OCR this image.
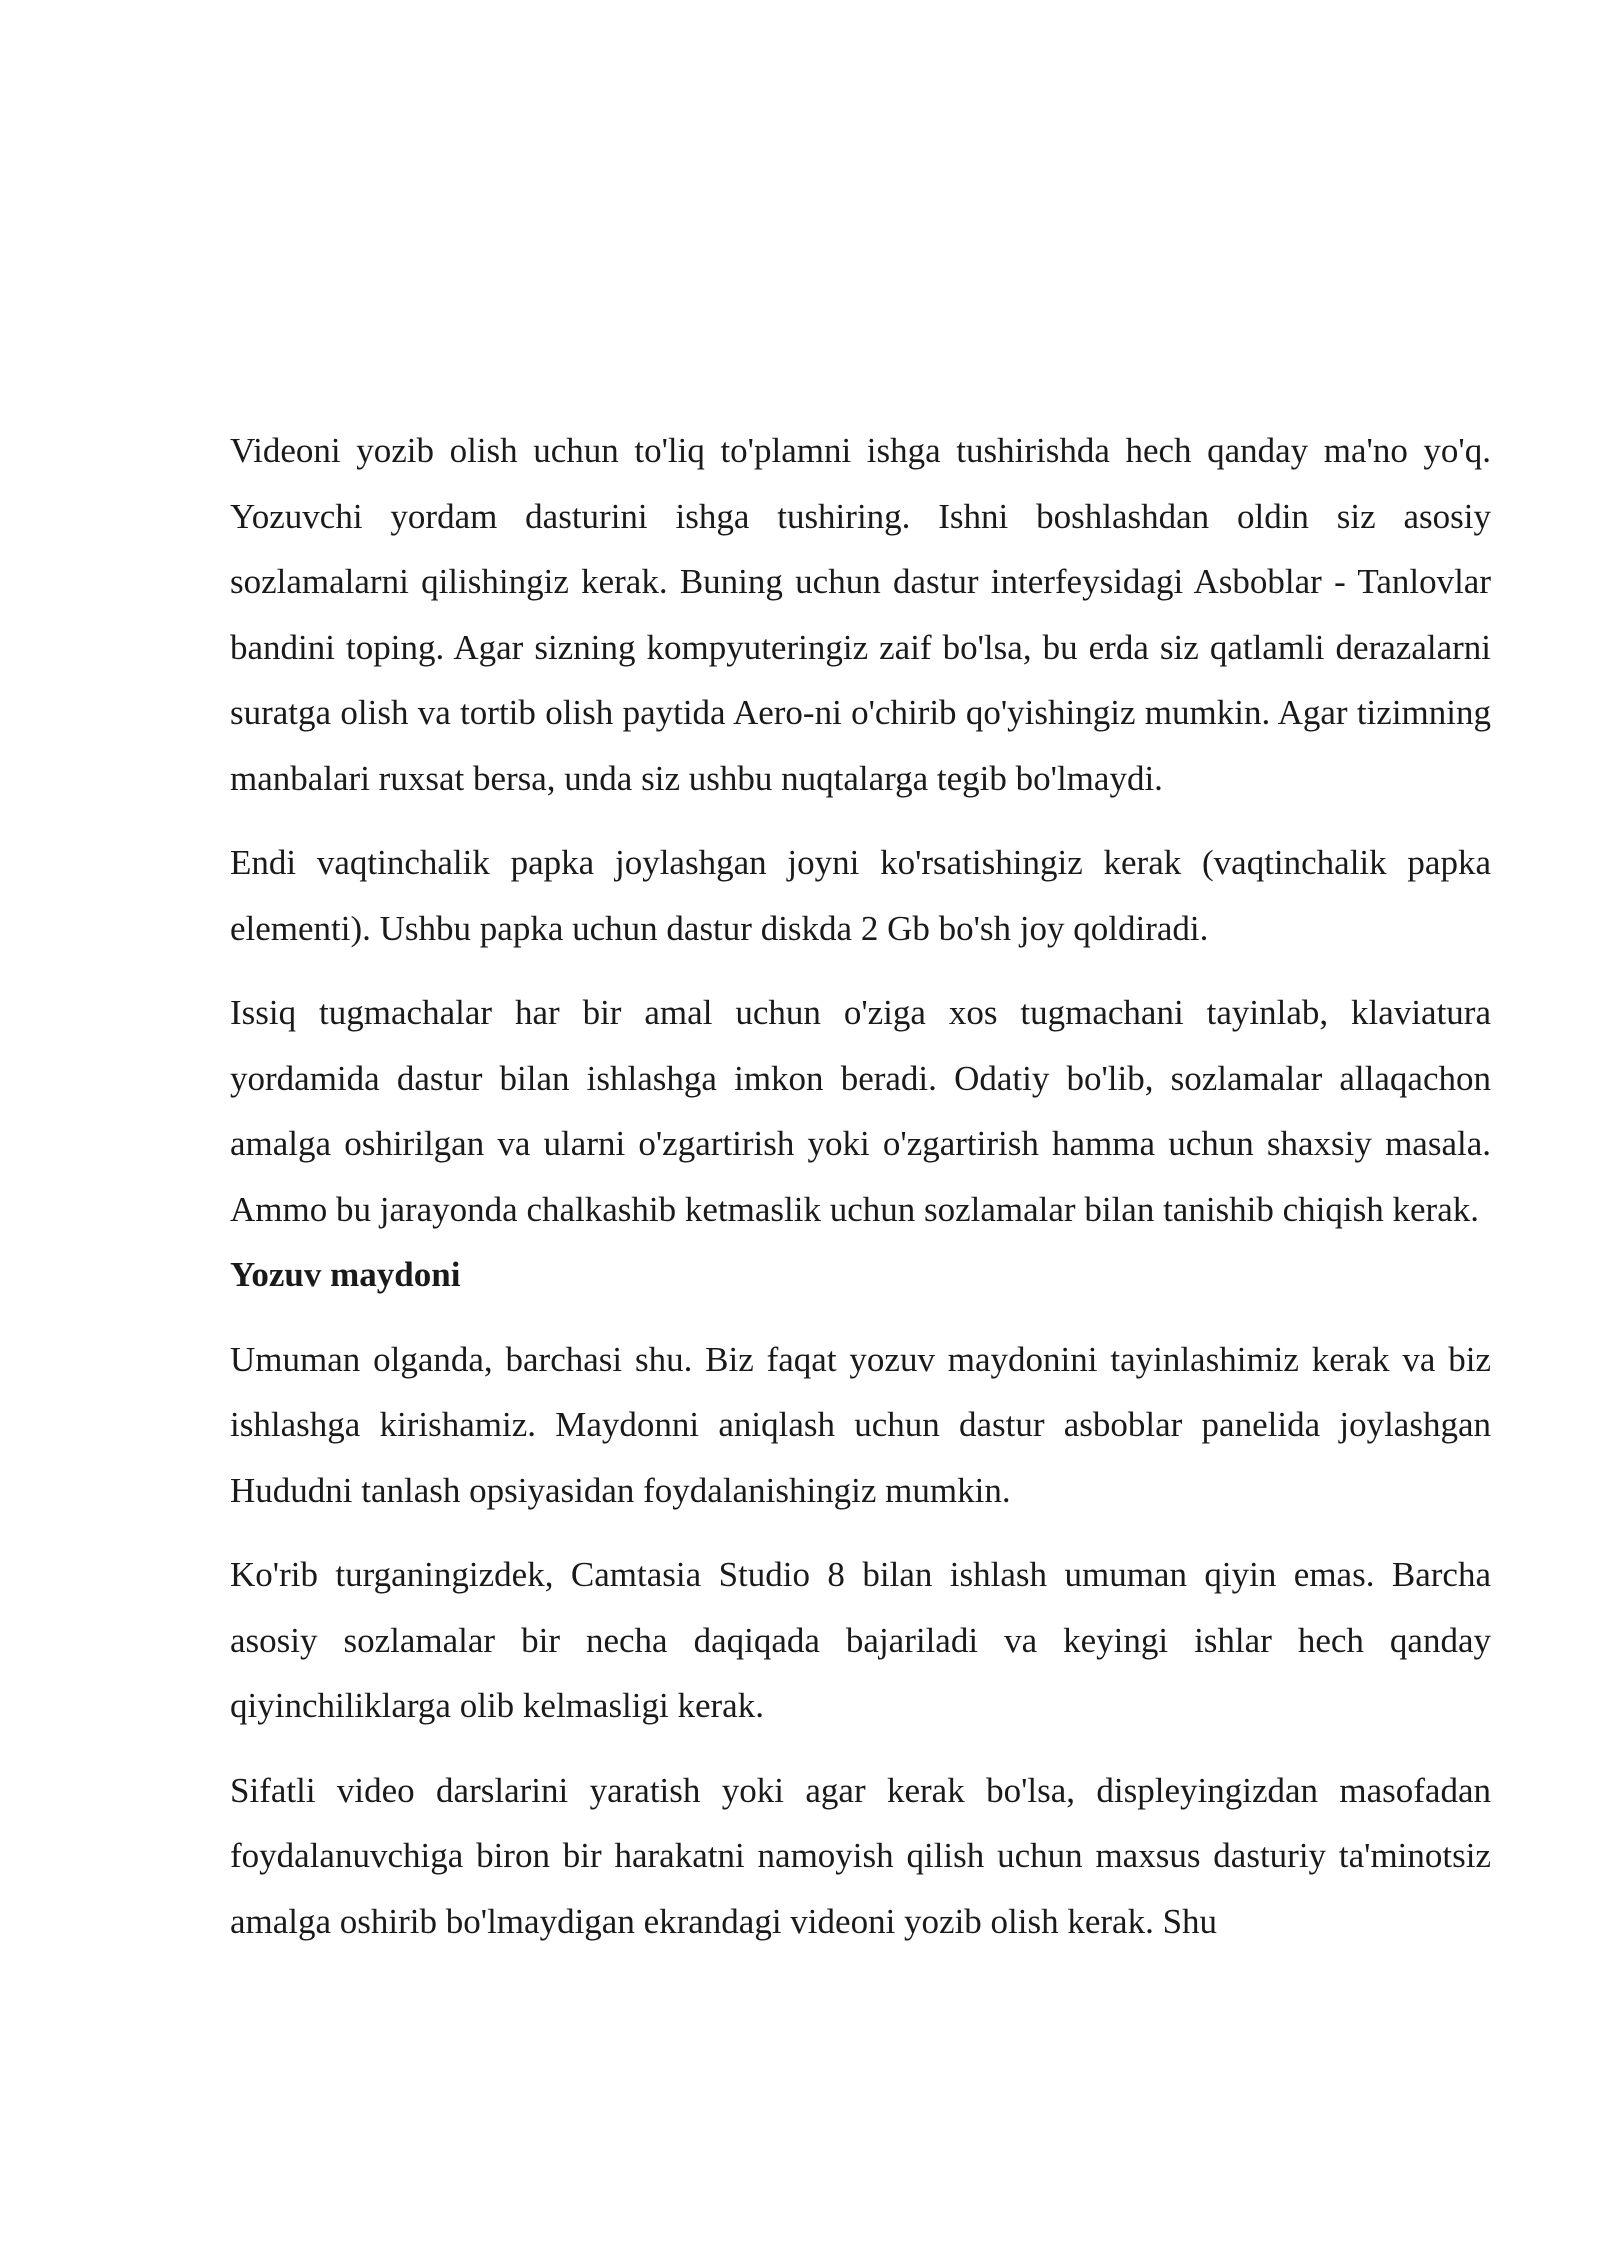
Videoni yozib olish uchun to'liq to'plamni ishga tushirishda hech qanday ma'no yo'q. Yozuvchi yordam dasturini ishga tushiring. Ishni boshlashdan oldin siz asosiy sozlamalarni qilishingiz kerak. Buning uchun dastur interfeysidagi Asboblar - Tanlovlar bandini toping. Agar sizning kompyuteringiz zaif bo'lsa, bu erda siz qatlamli derazalarni suratga olish va tortib olish paytida Aero-ni o'chirib qo'yishingiz mumkin. Agar tizimning manbalari ruxsat bersa, unda siz ushbu nuqtalarga tegib bo'lmaydi.

Endi vaqtinchalik papka joylashgan joyni ko'rsatishingiz kerak (vaqtinchalik papka elementi). Ushbu papka uchun dastur diskda 2 Gb bo'sh joy qoldiradi.

Issiq tugmachalar har bir amal uchun o'ziga xos tugmachani tayinlab, klaviatura yordamida dastur bilan ishlashga imkon beradi. Odatiy bo'lib, sozlamalar allaqachon amalga oshirilgan va ularni o'zgartirish yoki o'zgartirish hamma uchun shaxsiy masala. Ammo bu jarayonda chalkashib ketmaslik uchun sozlamalar bilan tanishib chiqish kerak.

Yozuv maydoni

Umuman olganda, barchasi shu. Biz faqat yozuv maydonini tayinlashimiz kerak va biz ishlashga kirishamiz. Maydonni aniqlash uchun dastur asboblar panelida joylashgan Hududni tanlash opsiyasidan foydalanishingiz mumkin.

Ko'rib turganingizdek, Camtasia Studio 8 bilan ishlash umuman qiyin emas. Barcha asosiy sozlamalar bir necha daqiqada bajariladi va keyingi ishlar hech qanday qiyinchiliklarga olib kelmasligi kerak.

Sifatli video darslarini yaratish yoki agar kerak bo'lsa, displeyingizdan masofadan foydalanuvchiga biron bir harakatni namoyish qilish uchun maxsus dasturiy ta'minotsiz amalga oshirib bo'lmaydigan ekrandagi videoni yozib olish kerak. Shu
